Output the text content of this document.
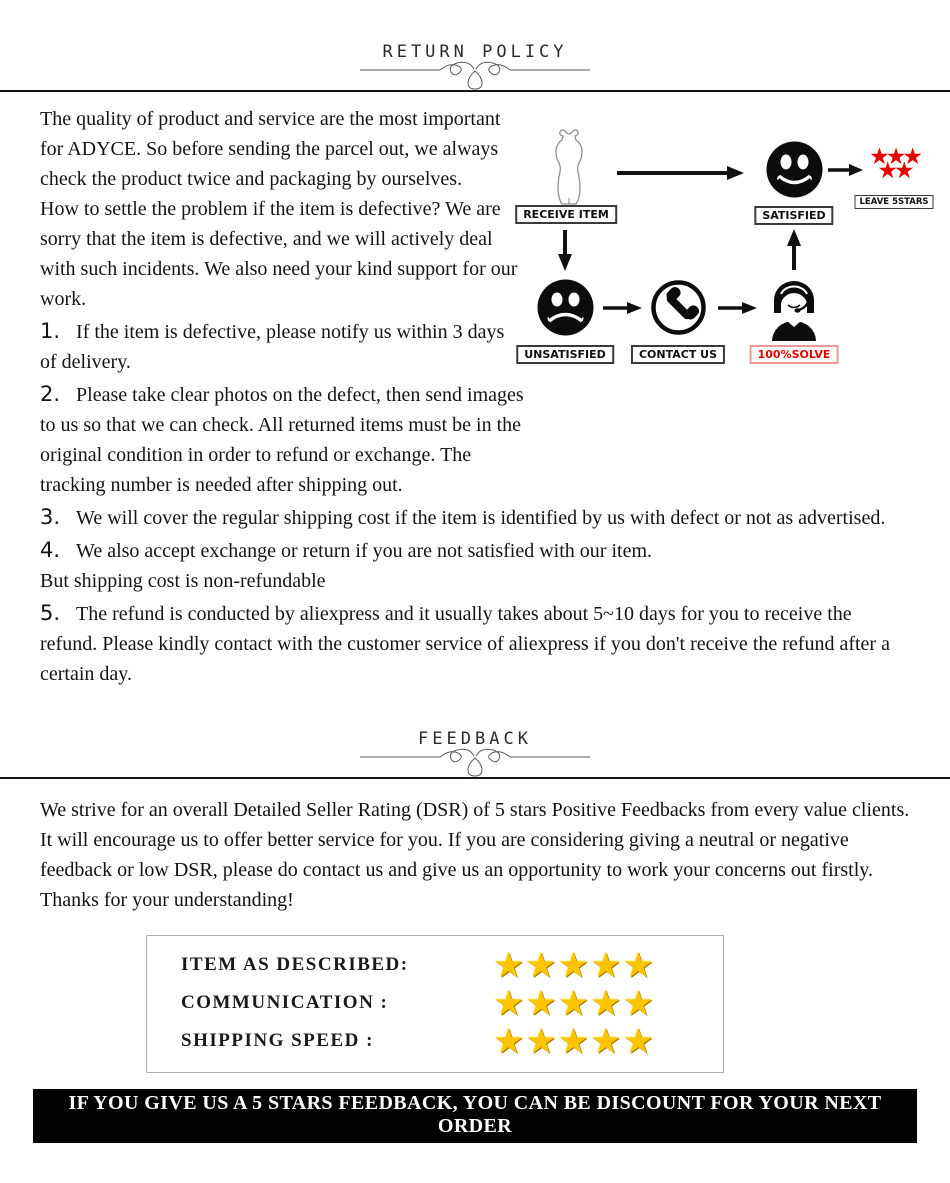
RETURN POLICY

The quality of product and service are the most important for ADYCE. So before sending the parcel out, we always check the product twice and packaging by ourselves.

How to settle the problem if the item is defective? We are sorry that the item is defective, and we will actively deal with such incidents. We also need your kind support for our work.

1. If the item is defective, please notify us within 3 days of delivery.
2. Please take clear photos on the defect, then send images to us so that we can check. All returned items must be in the original condition in order to refund or exchange. The tracking number is needed after shipping out.
3. We will cover the regular shipping cost if the item is identified by us with defect or not as advertised.
4. We also accept exchange or return if you are not satisfied with our item.
But shipping cost is non-refundable
5. The refund is conducted by aliexpress and it usually takes about 5~10 days for you to receive the refund. Please kindly contact with the customer service of aliexpress if you don't receive the refund after a certain day.
RECEIVE ITEM	SATISFIED
★ ★ ★
★ ★
LEAVE 5STARS
UNSATISFIED	CONTACT US	100%SOLVE
FEEDBACK

We strive for an overall Detailed Seller Rating (DSR) of 5 stars Positive Feedbacks from every value clients. It will encourage us to offer better service for you. If you are considering giving a neutral or negative feedback or low DSR, please do contact us and give us an opportunity to work your concerns out firstly. Thanks for your understanding!

ITEM AS DESCRIBED:
★ ★ ★ ★ ★
COMMUNICATION :
★ ★ ★ ★ ★
SHIPPING SPEED :
★ ★ ★ ★ ★
IF YOU GIVE US A 5 STARS FEEDBACK, YOU CAN BE DISCOUNT FOR YOUR NEXT ORDER
